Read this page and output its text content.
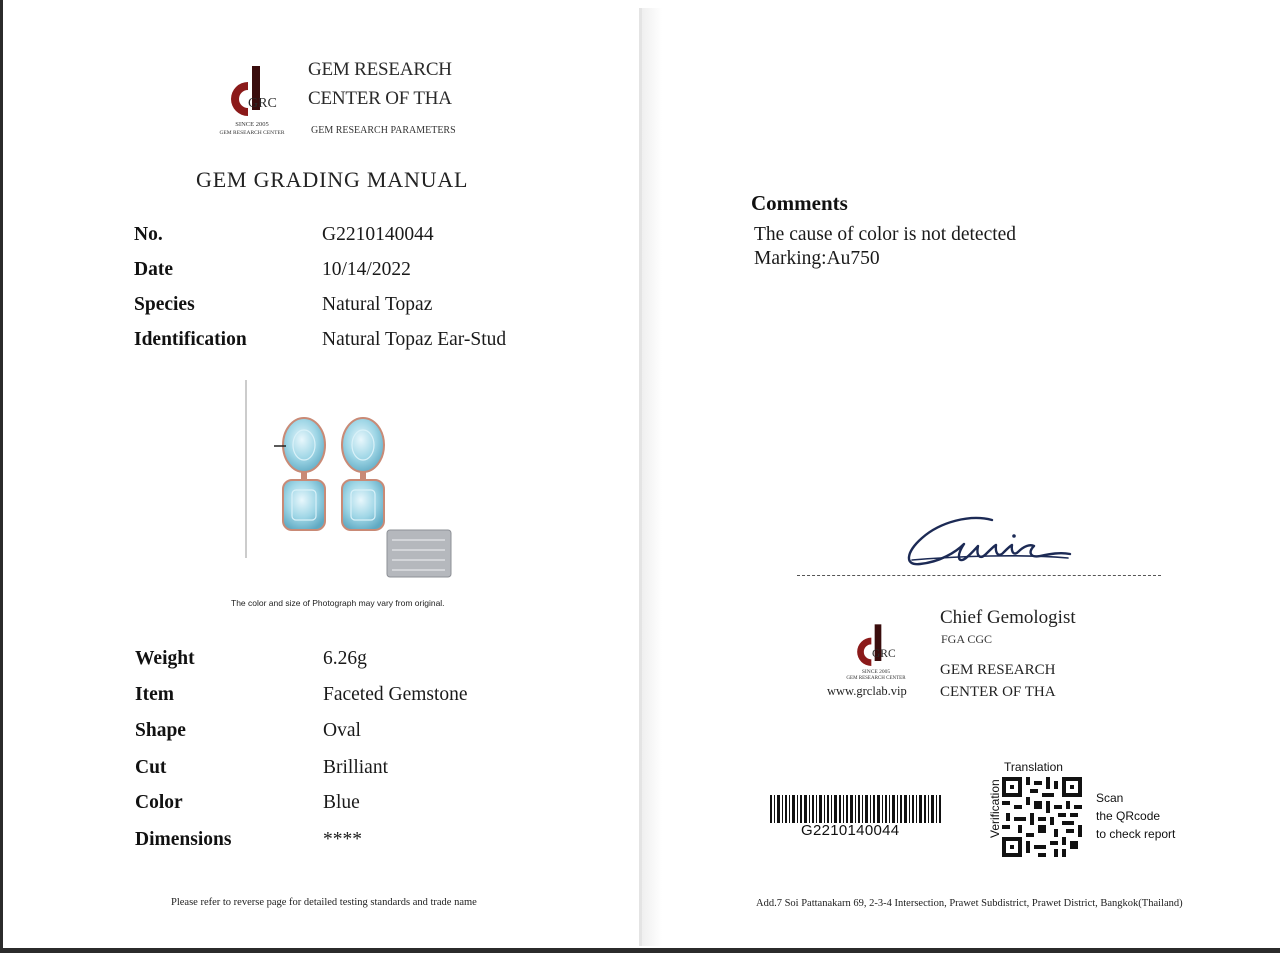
GRC
SINCE 2005
GEM RESEARCH CENTER
GEM RESEARCH
CENTER OF THA
GEM RESEARCH PARAMETERS
GEM GRADING MANUAL
No.	G2210140044
Date	10/14/2022
Species	Natural Topaz
Identification	Natural Topaz Ear-Stud
The color and size of Photograph may vary from original.
Weight	6.26g
Item	Faceted Gemstone
Shape	Oval
Cut	Brilliant
Color	Blue
Dimensions	****
Please refer to reverse page for detailed testing standards and trade name
Comments
The cause of color is not detected
Marking:Au750
GRC
SINCE 2005
GEM RESEARCH CENTER
www.grclab.vip
Chief Gemologist
FGA CGC
GEM RESEARCH
CENTER OF THA
G2210140044
Translation
Verification	Scan
the QRcode
to check report
Add.7 Soi Pattanakarn 69, 2-3-4 Intersection, Prawet Subdistrict, Prawet District, Bangkok(Thailand)
